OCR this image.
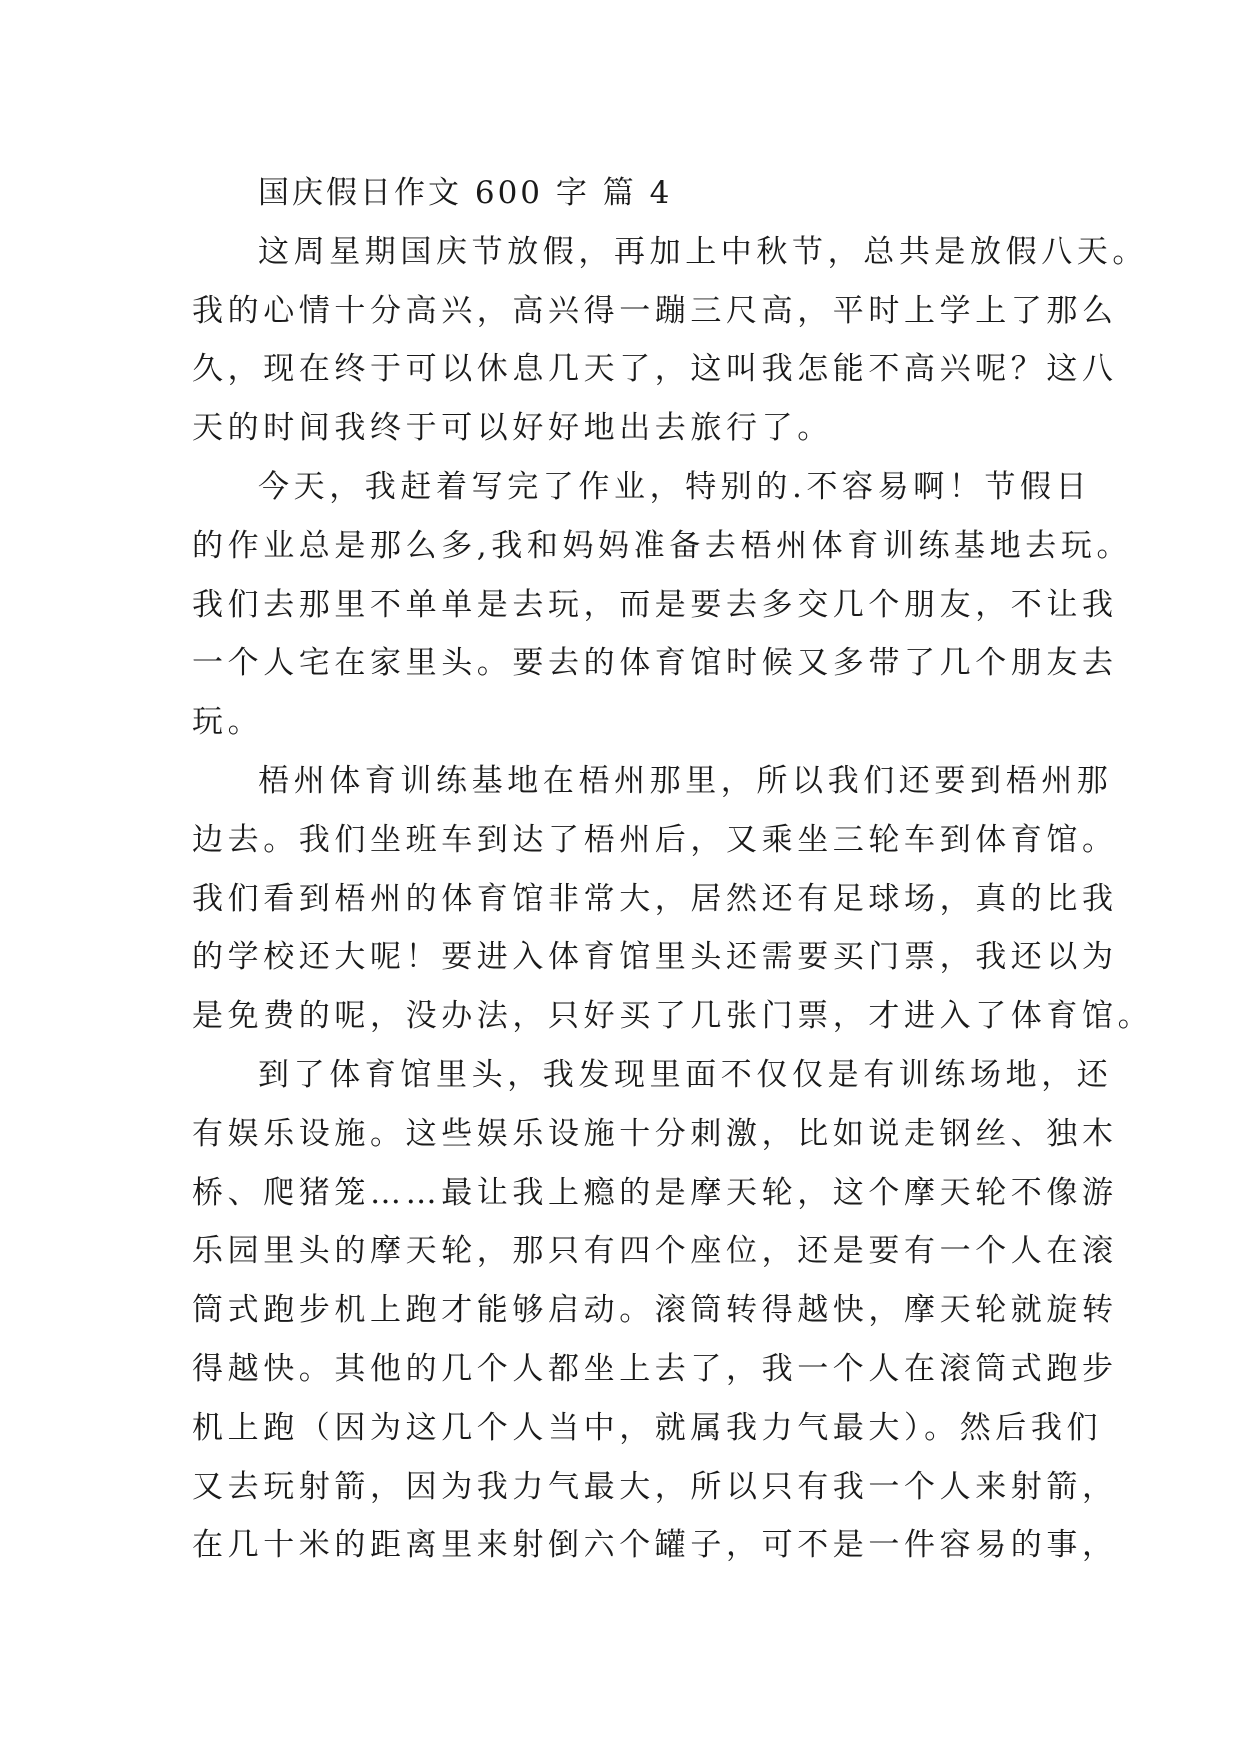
国庆假日作文 600 字 篇 4
这周星期国庆节放假，再加上中秋节，总共是放假八天。
我的心情十分高兴，高兴得一蹦三尺高，平时上学上了那么
久，现在终于可以休息几天了，这叫我怎能不高兴呢？这八
天的时间我终于可以好好地出去旅行了。
今天，我赶着写完了作业，特别的.不容易啊！节假日
的作业总是那么多,我和妈妈准备去梧州体育训练基地去玩。
我们去那里不单单是去玩，而是要去多交几个朋友，不让我
一个人宅在家里头。要去的体育馆时候又多带了几个朋友去
玩。
梧州体育训练基地在梧州那里，所以我们还要到梧州那
边去。我们坐班车到达了梧州后，又乘坐三轮车到体育馆。
我们看到梧州的体育馆非常大，居然还有足球场，真的比我
的学校还大呢！要进入体育馆里头还需要买门票，我还以为
是免费的呢，没办法，只好买了几张门票，才进入了体育馆。
到了体育馆里头，我发现里面不仅仅是有训练场地，还
有娱乐设施。这些娱乐设施十分刺激，比如说走钢丝、独木
桥、爬猪笼……最让我上瘾的是摩天轮，这个摩天轮不像游
乐园里头的摩天轮，那只有四个座位，还是要有一个人在滚
筒式跑步机上跑才能够启动。滚筒转得越快，摩天轮就旋转
得越快。其他的几个人都坐上去了，我一个人在滚筒式跑步
机上跑（因为这几个人当中，就属我力气最大）。然后我们
又去玩射箭，因为我力气最大，所以只有我一个人来射箭，
在几十米的距离里来射倒六个罐子，可不是一件容易的事，
